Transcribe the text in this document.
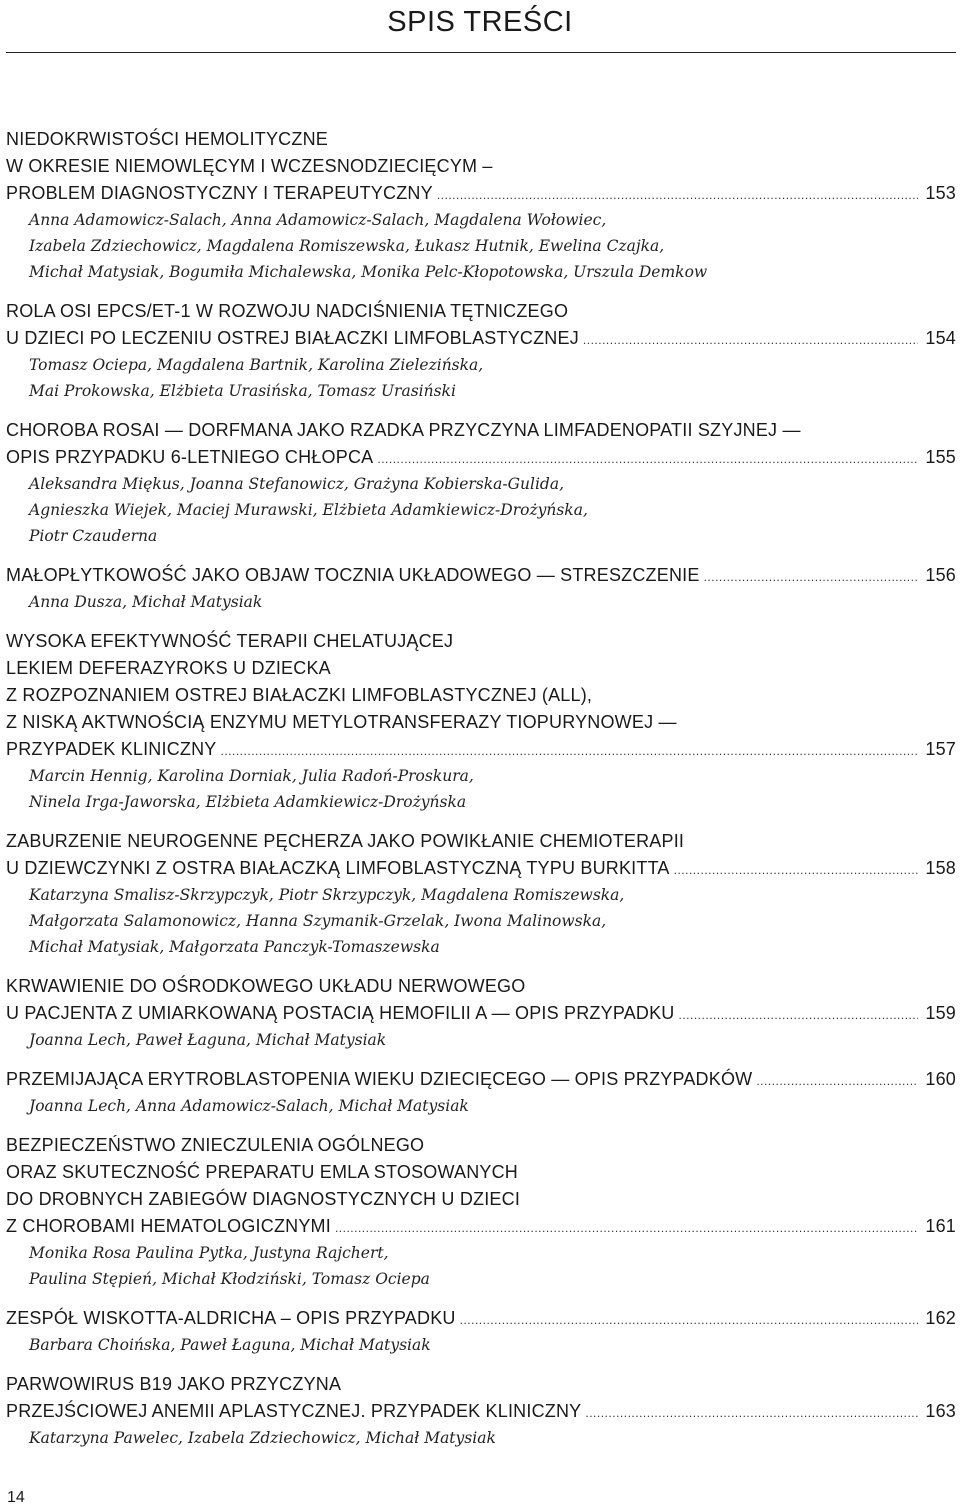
SPIS TREŚCI
NIEDOKRWISTOŚCI HEMOLITYCZNE
W OKRESIE NIEMOWLĘCYM I WCZESNODZIECIĘCYM –
PROBLEM DIAGNOSTYCZNY I TERAPEUTYCZNY .....	153
Anna Adamowicz-Salach, Anna Adamowicz-Salach, Magdalena Wołowiec,
Izabela Zdziechowicz, Magdalena Romiszewska, Łukasz Hutnik, Ewelina Czajka,
Michał Matysiak, Bogumiła Michalewska, Monika Pelc-Kłopotowska, Urszula Demkow
ROLA OSI EPCS/ET-1 W ROZWOJU NADCIŚNIENIA TĘTNICZEGO
U DZIECI PO LECZENIU OSTREJ BIAŁACZKI LIMFOBLASTYCZNEJ .....	154
Tomasz Ociepa, Magdalena Bartnik, Karolina Zielezińska,
Mai Prokowska, Elżbieta Urasińska, Tomasz Urasiński
CHOROBA ROSAI — DORFMANA JAKO RZADKA PRZYCZYNA LIMFADENOPATII SZYJNEJ —
OPIS PRZYPADKU 6-LETNIEGO CHŁOPCA .....	155
Aleksandra Miękus, Joanna Stefanowicz, Grażyna Kobierska-Gulida,
Agnieszka Wiejek, Maciej Murawski, Elżbieta Adamkiewicz-Drożyńska,
Piotr Czauderna
MAŁOPŁYTKOWOŚĆ JAKO OBJAW TOCZNIA UKŁADOWEGO — STRESZCZENIE .....	156
Anna Dusza, Michał Matysiak
WYSOKA EFEKTYWNOŚĆ TERAPII CHELATUJĄCEJ
LEKIEM DEFERAZYROKS U DZIECKA
Z ROZPOZNANIEM OSTREJ BIAŁACZKI LIMFOBLASTYCZNEJ (ALL),
Z NISKĄ AKTWNOŚCIĄ ENZYMU METYLOTRANSFERAZY TIOPURYNOWEJ —
PRZYPADEK KLINICZNY .....	157
Marcin Hennig, Karolina Dorniak, Julia Radoń-Proskura,
Ninela Irga-Jaworska, Elżbieta Adamkiewicz-Drożyńska
ZABURZENIE NEUROGENNE PĘCHERZA JAKO POWIKŁANIE CHEMIOTERAPII
U DZIEWCZYNKI Z OSTRA BIAŁACZKĄ LIMFOBLASTYCZNĄ TYPU BURKITTA .....	158
Katarzyna Smalisz-Skrzypczyk, Piotr Skrzypczyk, Magdalena Romiszewska,
Małgorzata Salamonowicz, Hanna Szymanik-Grzelak, Iwona Malinowska,
Michał Matysiak, Małgorzata Panczyk-Tomaszewska
KRWAWIENIE DO OŚRODKOWEGO UKŁADU NERWOWEGO
U PACJENTA Z UMIARKOWANĄ POSTACIĄ HEMOFILII A — OPIS PRZYPADKU .....	159
Joanna Lech, Paweł Łaguna, Michał Matysiak
PRZEMIJAJĄCA ERYTROBLASTOPENIA WIEKU DZIECIĘCEGO — OPIS PRZYPADKÓW .....	160
Joanna Lech, Anna Adamowicz-Salach, Michał Matysiak
BEZPIECZEŃSTWO ZNIECZULENIA OGÓLNEGO
ORAZ SKUTECZNOŚĆ PREPARATU EMLA STOSOWANYCH
DO DROBNYCH ZABIEGÓW DIAGNOSTYCZNYCH U DZIECI
Z CHOROBAMI HEMATOLOGICZNYMI .....	161
Monika Rosa Paulina Pytka, Justyna Rajchert,
Paulina Stępień, Michał Kłodziński, Tomasz Ociepa
ZESPÓŁ WISKOTTA-ALDRICHA – OPIS PRZYPADKU .....	162
Barbara Choińska, Paweł Łaguna, Michał Matysiak
PARWOWIRUS B19 JAKO PRZYCZYNA
PRZEJŚCIOWEJ ANEMII APLASTYCZNEJ. PRZYPADEK KLINICZNY .....	163
Katarzyna Pawelec, Izabela Zdziechowicz, Michał Matysiak
14
